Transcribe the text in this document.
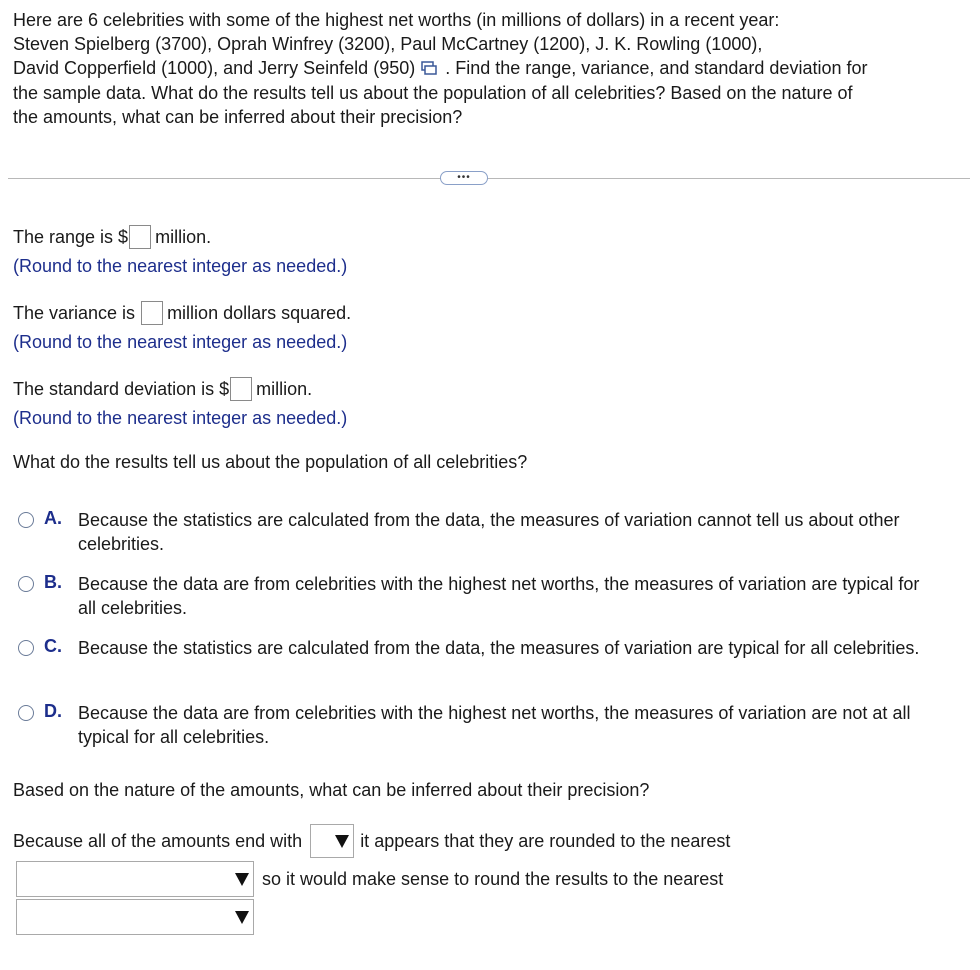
Here are 6 celebrities with some of the highest net worths (in millions of dollars) in a recent year:
Steven Spielberg (3700), Oprah Winfrey (3200), Paul McCartney (1200), J. K. Rowling (1000),
David Copperfield (1000), and Jerry Seinfeld (950) . Find the range, variance, and standard deviation for
the sample data. What do the results tell us about the population of all celebrities? Based on the nature of
the amounts, what can be inferred about their precision?
•••
The range is $ million.
(Round to the nearest integer as needed.)
The variance is million dollars squared.
(Round to the nearest integer as needed.)
The standard deviation is $ million.
(Round to the nearest integer as needed.)
What do the results tell us about the population of all celebrities?
A. Because the statistics are calculated from the data, the measures of variation cannot tell us about other celebrities.
B. Because the data are from celebrities with the highest net worths, the measures of variation are typical for all celebrities.
C. Because the statistics are calculated from the data, the measures of variation are typical for all celebrities.
D. Because the data are from celebrities with the highest net worths, the measures of variation are not at all typical for all celebrities.
Based on the nature of the amounts, what can be inferred about their precision?
Because all of the amounts end with	it appears that they are rounded to the nearest
so it would make sense to round the results to the nearest
